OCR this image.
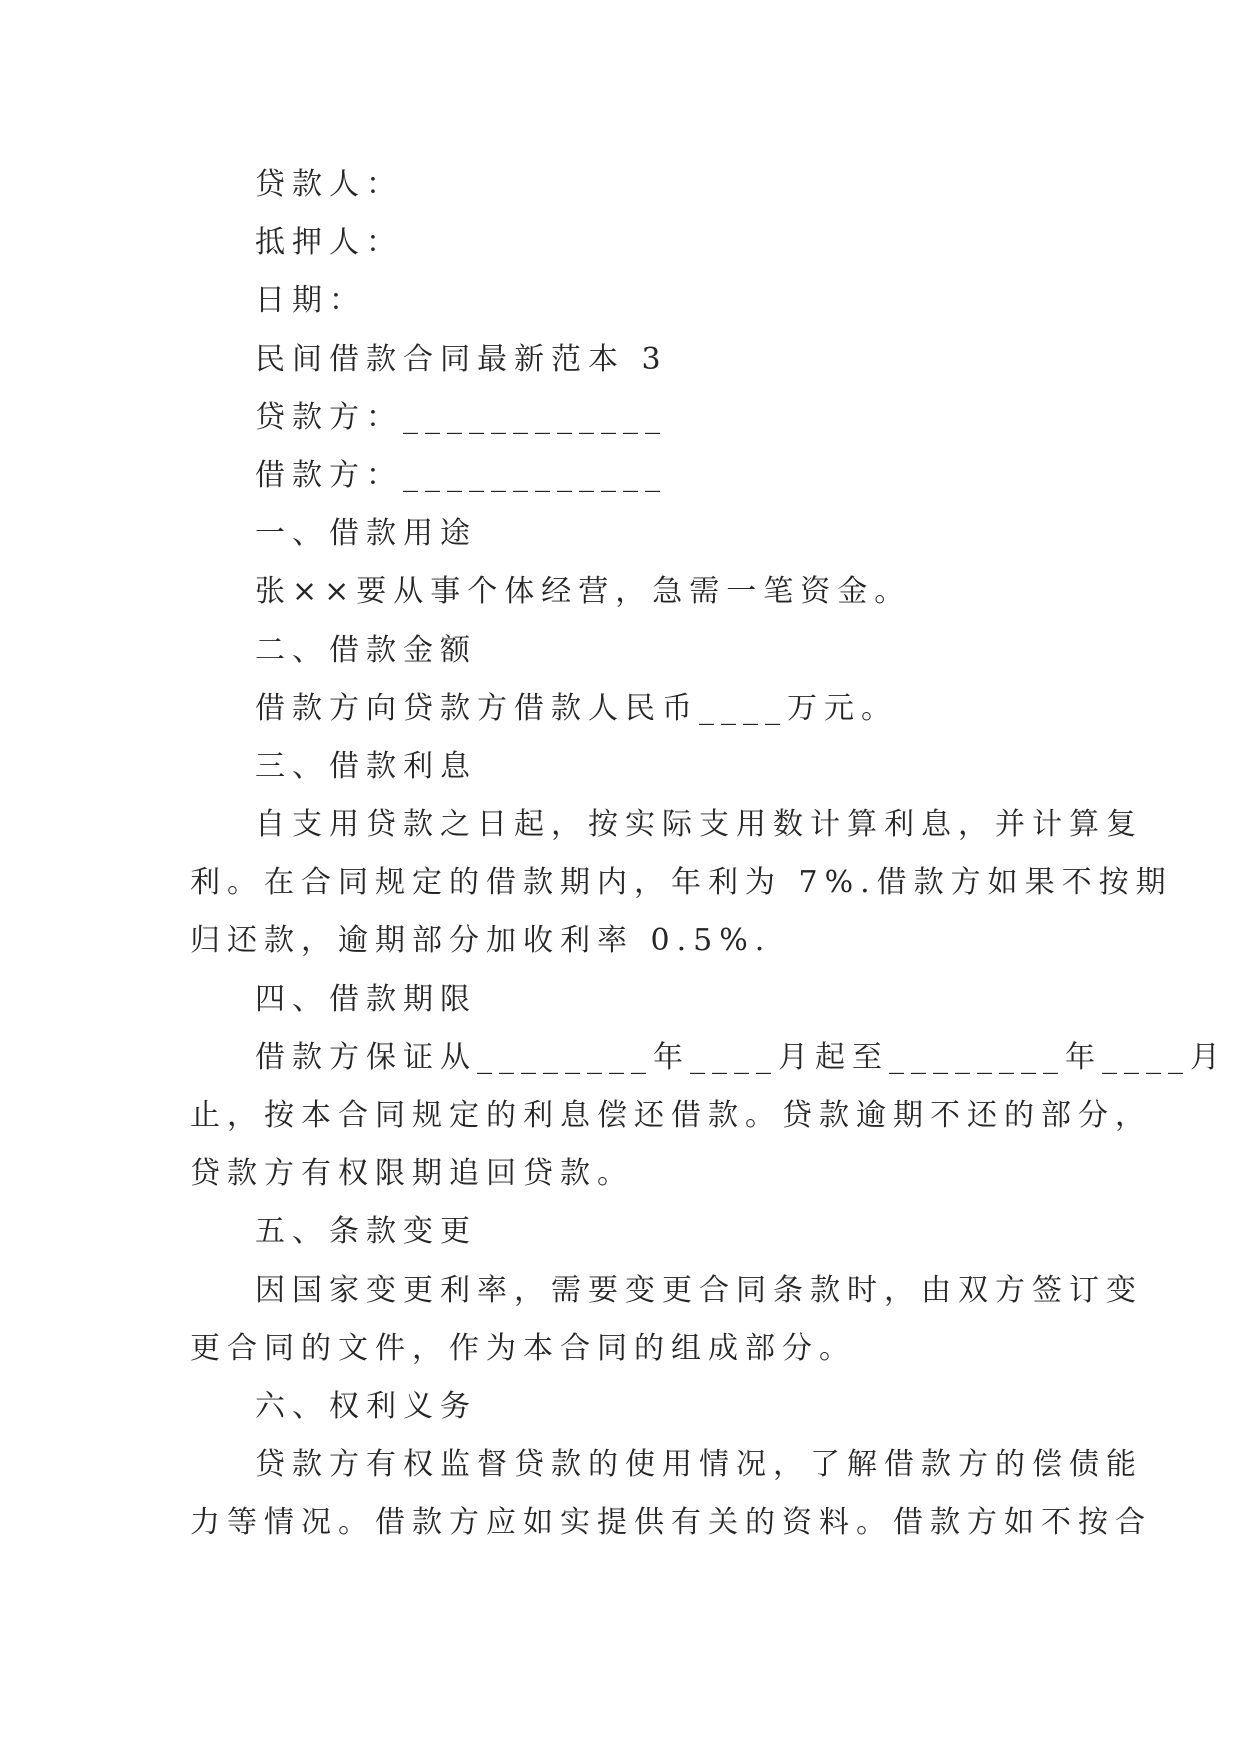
贷款人：
抵押人：
日期：
民间借款合同最新范本 3
贷款方：____________
借款方：____________
一、借款用途
张××要从事个体经营，急需一笔资金。
二、借款金额
借款方向贷款方借款人民币____万元。
三、借款利息
自支用贷款之日起，按实际支用数计算利息，并计算复
利。在合同规定的借款期内，年利为 7%.借款方如果不按期
归还款，逾期部分加收利率 0.5%.
四、借款期限
借款方保证从________年____月起至________年____月
止，按本合同规定的利息偿还借款。贷款逾期不还的部分，
贷款方有权限期追回贷款。
五、条款变更
因国家变更利率，需要变更合同条款时，由双方签订变
更合同的文件，作为本合同的组成部分。
六、权利义务
贷款方有权监督贷款的使用情况，了解借款方的偿债能
力等情况。借款方应如实提供有关的资料。借款方如不按合
